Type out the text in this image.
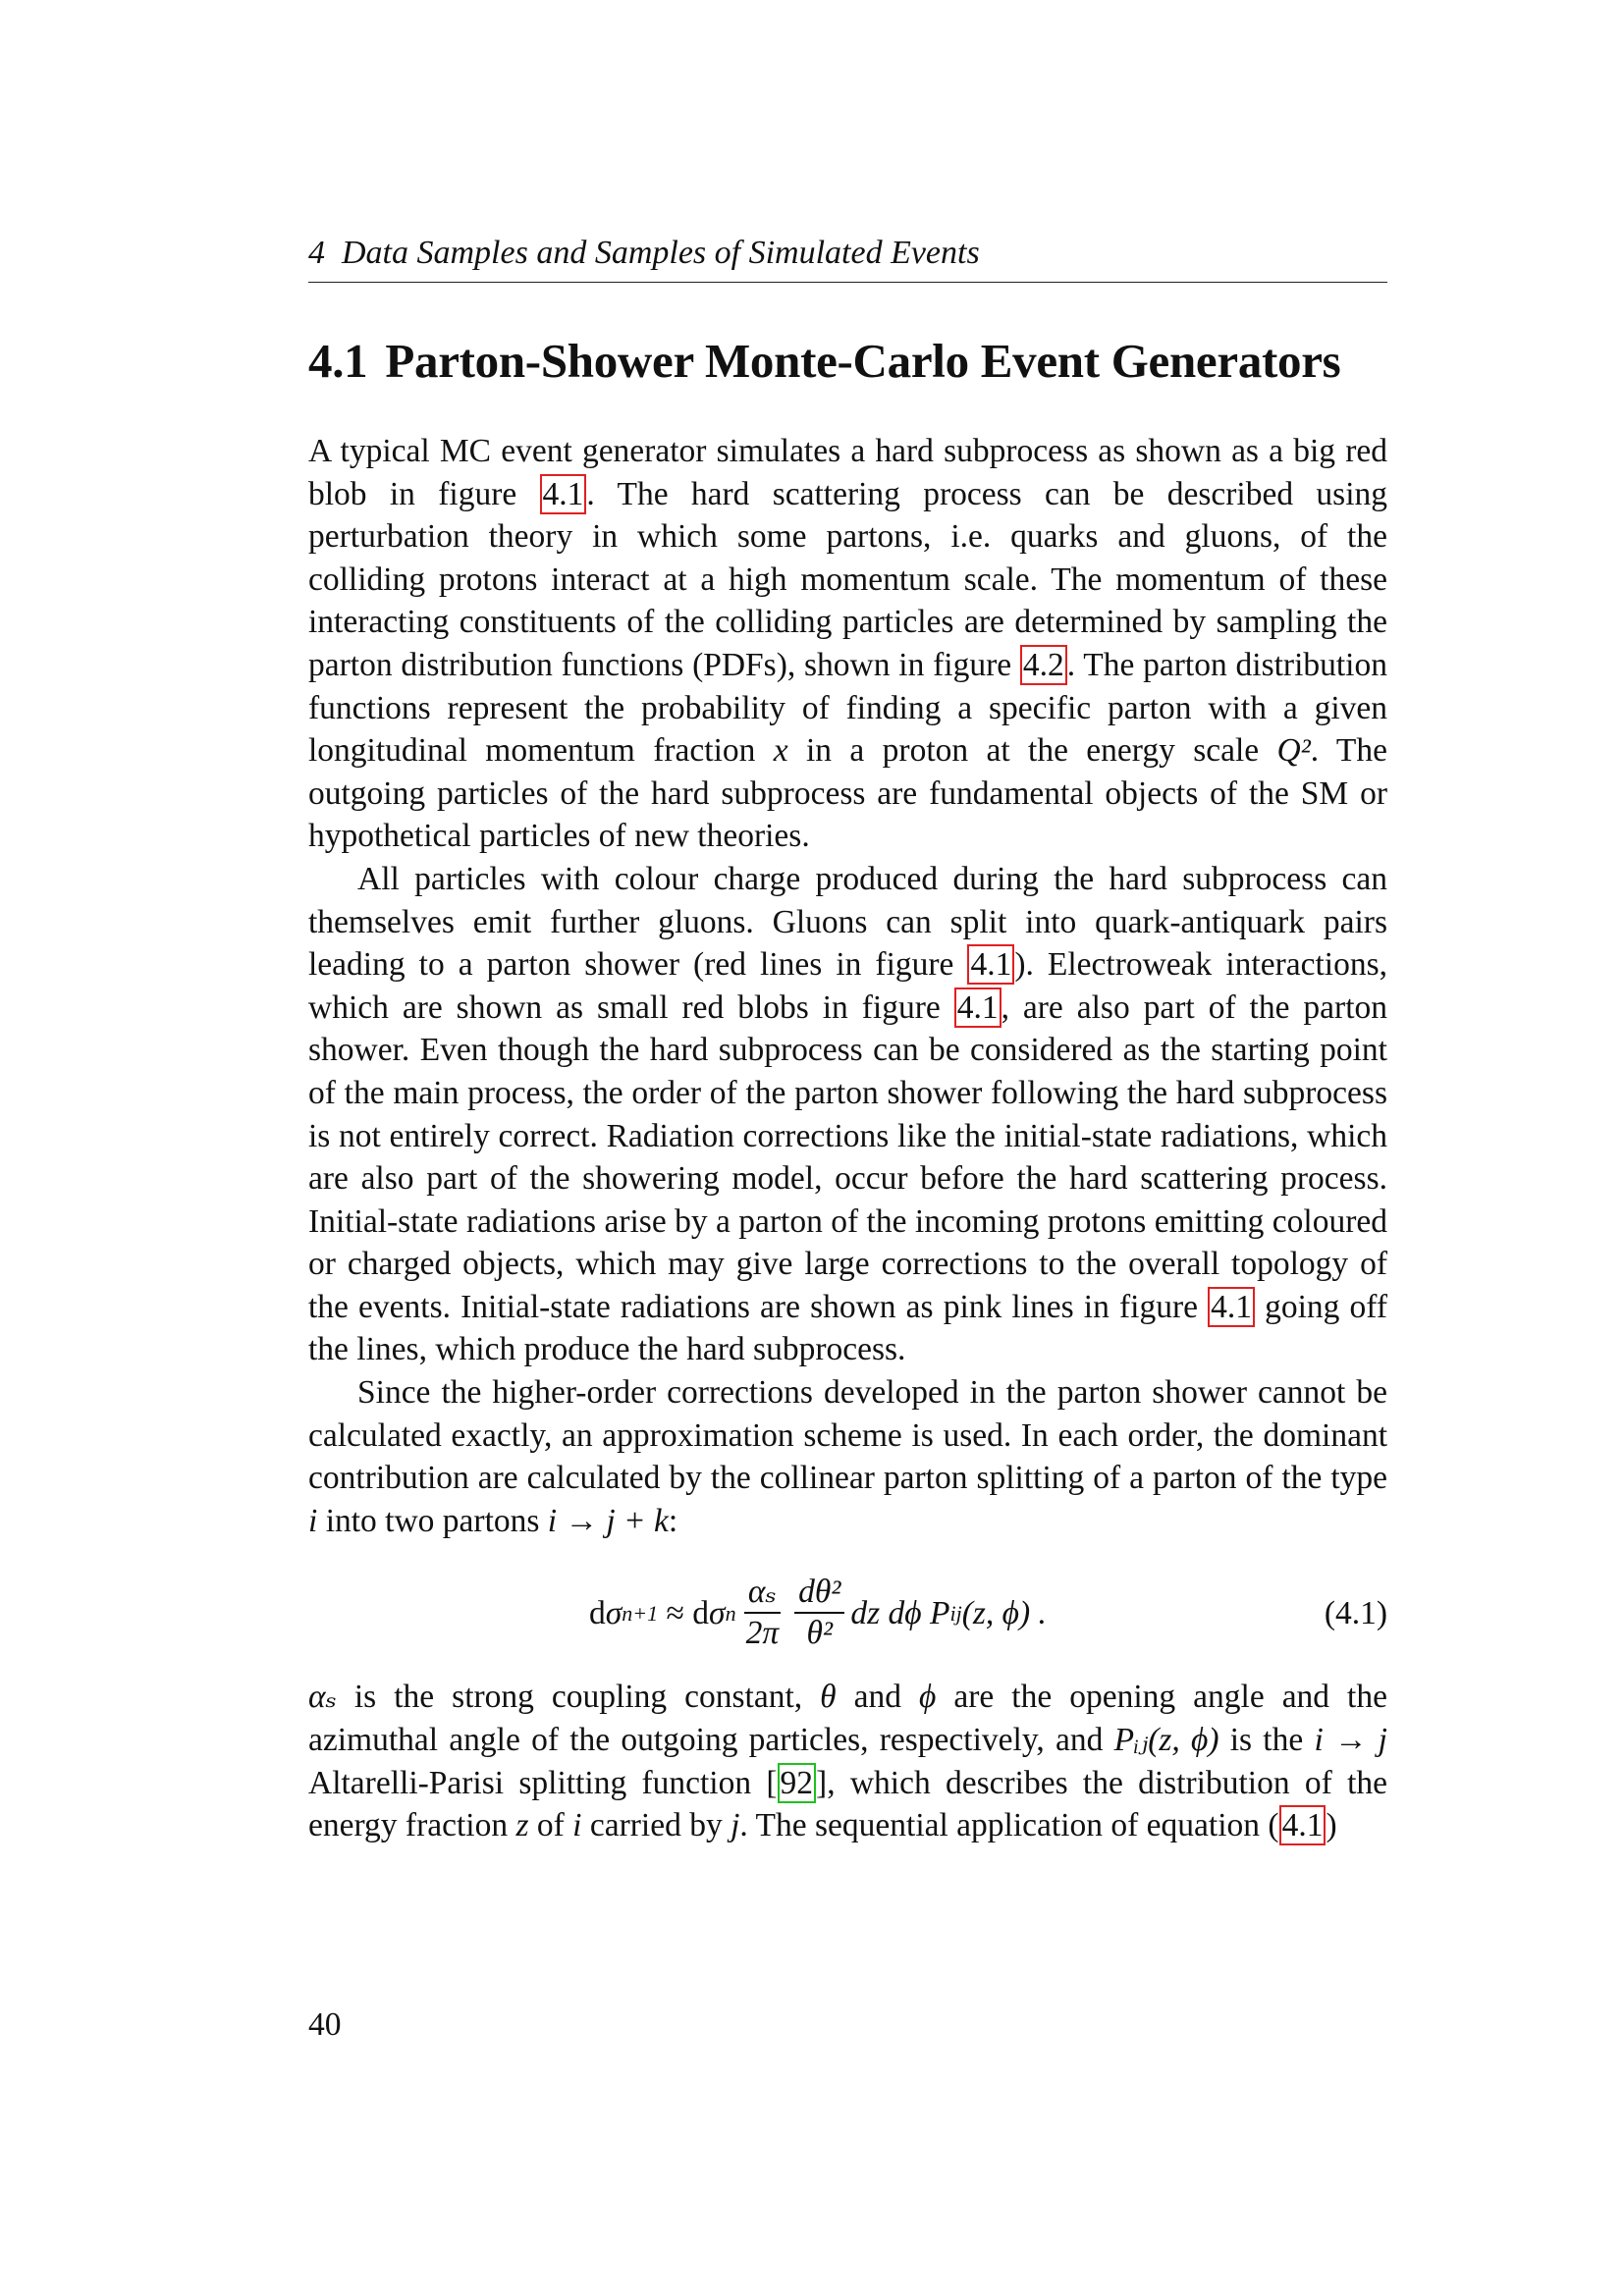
4 Data Samples and Samples of Simulated Events
4.1 Parton-Shower Monte-Carlo Event Generators

A typical MC event generator simulates a hard subprocess as shown as a big red blob in figure 4.1. The hard scattering process can be described using perturbation theory in which some partons, i.e. quarks and gluons, of the colliding protons interact at a high momentum scale. The momentum of these interacting constituents of the colliding particles are determined by sampling the parton distribution functions (PDFs), shown in figure 4.2. The parton distribution functions represent the probability of finding a specific parton with a given longitudinal momentum fraction x in a proton at the energy scale Q². The outgoing particles of the hard subprocess are fundamental objects of the SM or hypothetical particles of new theories.

All particles with colour charge produced during the hard subprocess can themselves emit further gluons. Gluons can split into quark-antiquark pairs leading to a parton shower (red lines in figure 4.1). Electroweak interactions, which are shown as small red blobs in figure 4.1, are also part of the parton shower. Even though the hard subprocess can be considered as the starting point of the main process, the order of the parton shower following the hard subprocess is not entirely correct. Radiation corrections like the initial-state radiations, which are also part of the showering model, occur before the hard scattering process. Initial-state radiations arise by a parton of the incoming protons emitting coloured or charged objects, which may give large corrections to the overall topology of the events. Initial-state radiations are shown as pink lines in figure 4.1 going off the lines, which produce the hard subprocess.

Since the higher-order corrections developed in the parton shower cannot be calculated exactly, an approximation scheme is used. In each order, the dominant contribution are calculated by the collinear parton splitting of a parton of the type i into two partons i → j + k:

d σ n+1 ≈ d σ n $\frac{\text{αₛ}}{2\pi} \frac{\text{dθ²}}{\text{θ²}}$ dz dϕ P ij (z, ϕ) .	(4.1)

αₛ is the strong coupling constant, θ and ϕ are the opening angle and the azimuthal angle of the outgoing particles, respectively, and Pᵢⱼ(z, ϕ) is the i → j Altarelli-Parisi splitting function [92], which describes the distribution of the energy fraction z of i carried by j. The sequential application of equation (4.1)

40
